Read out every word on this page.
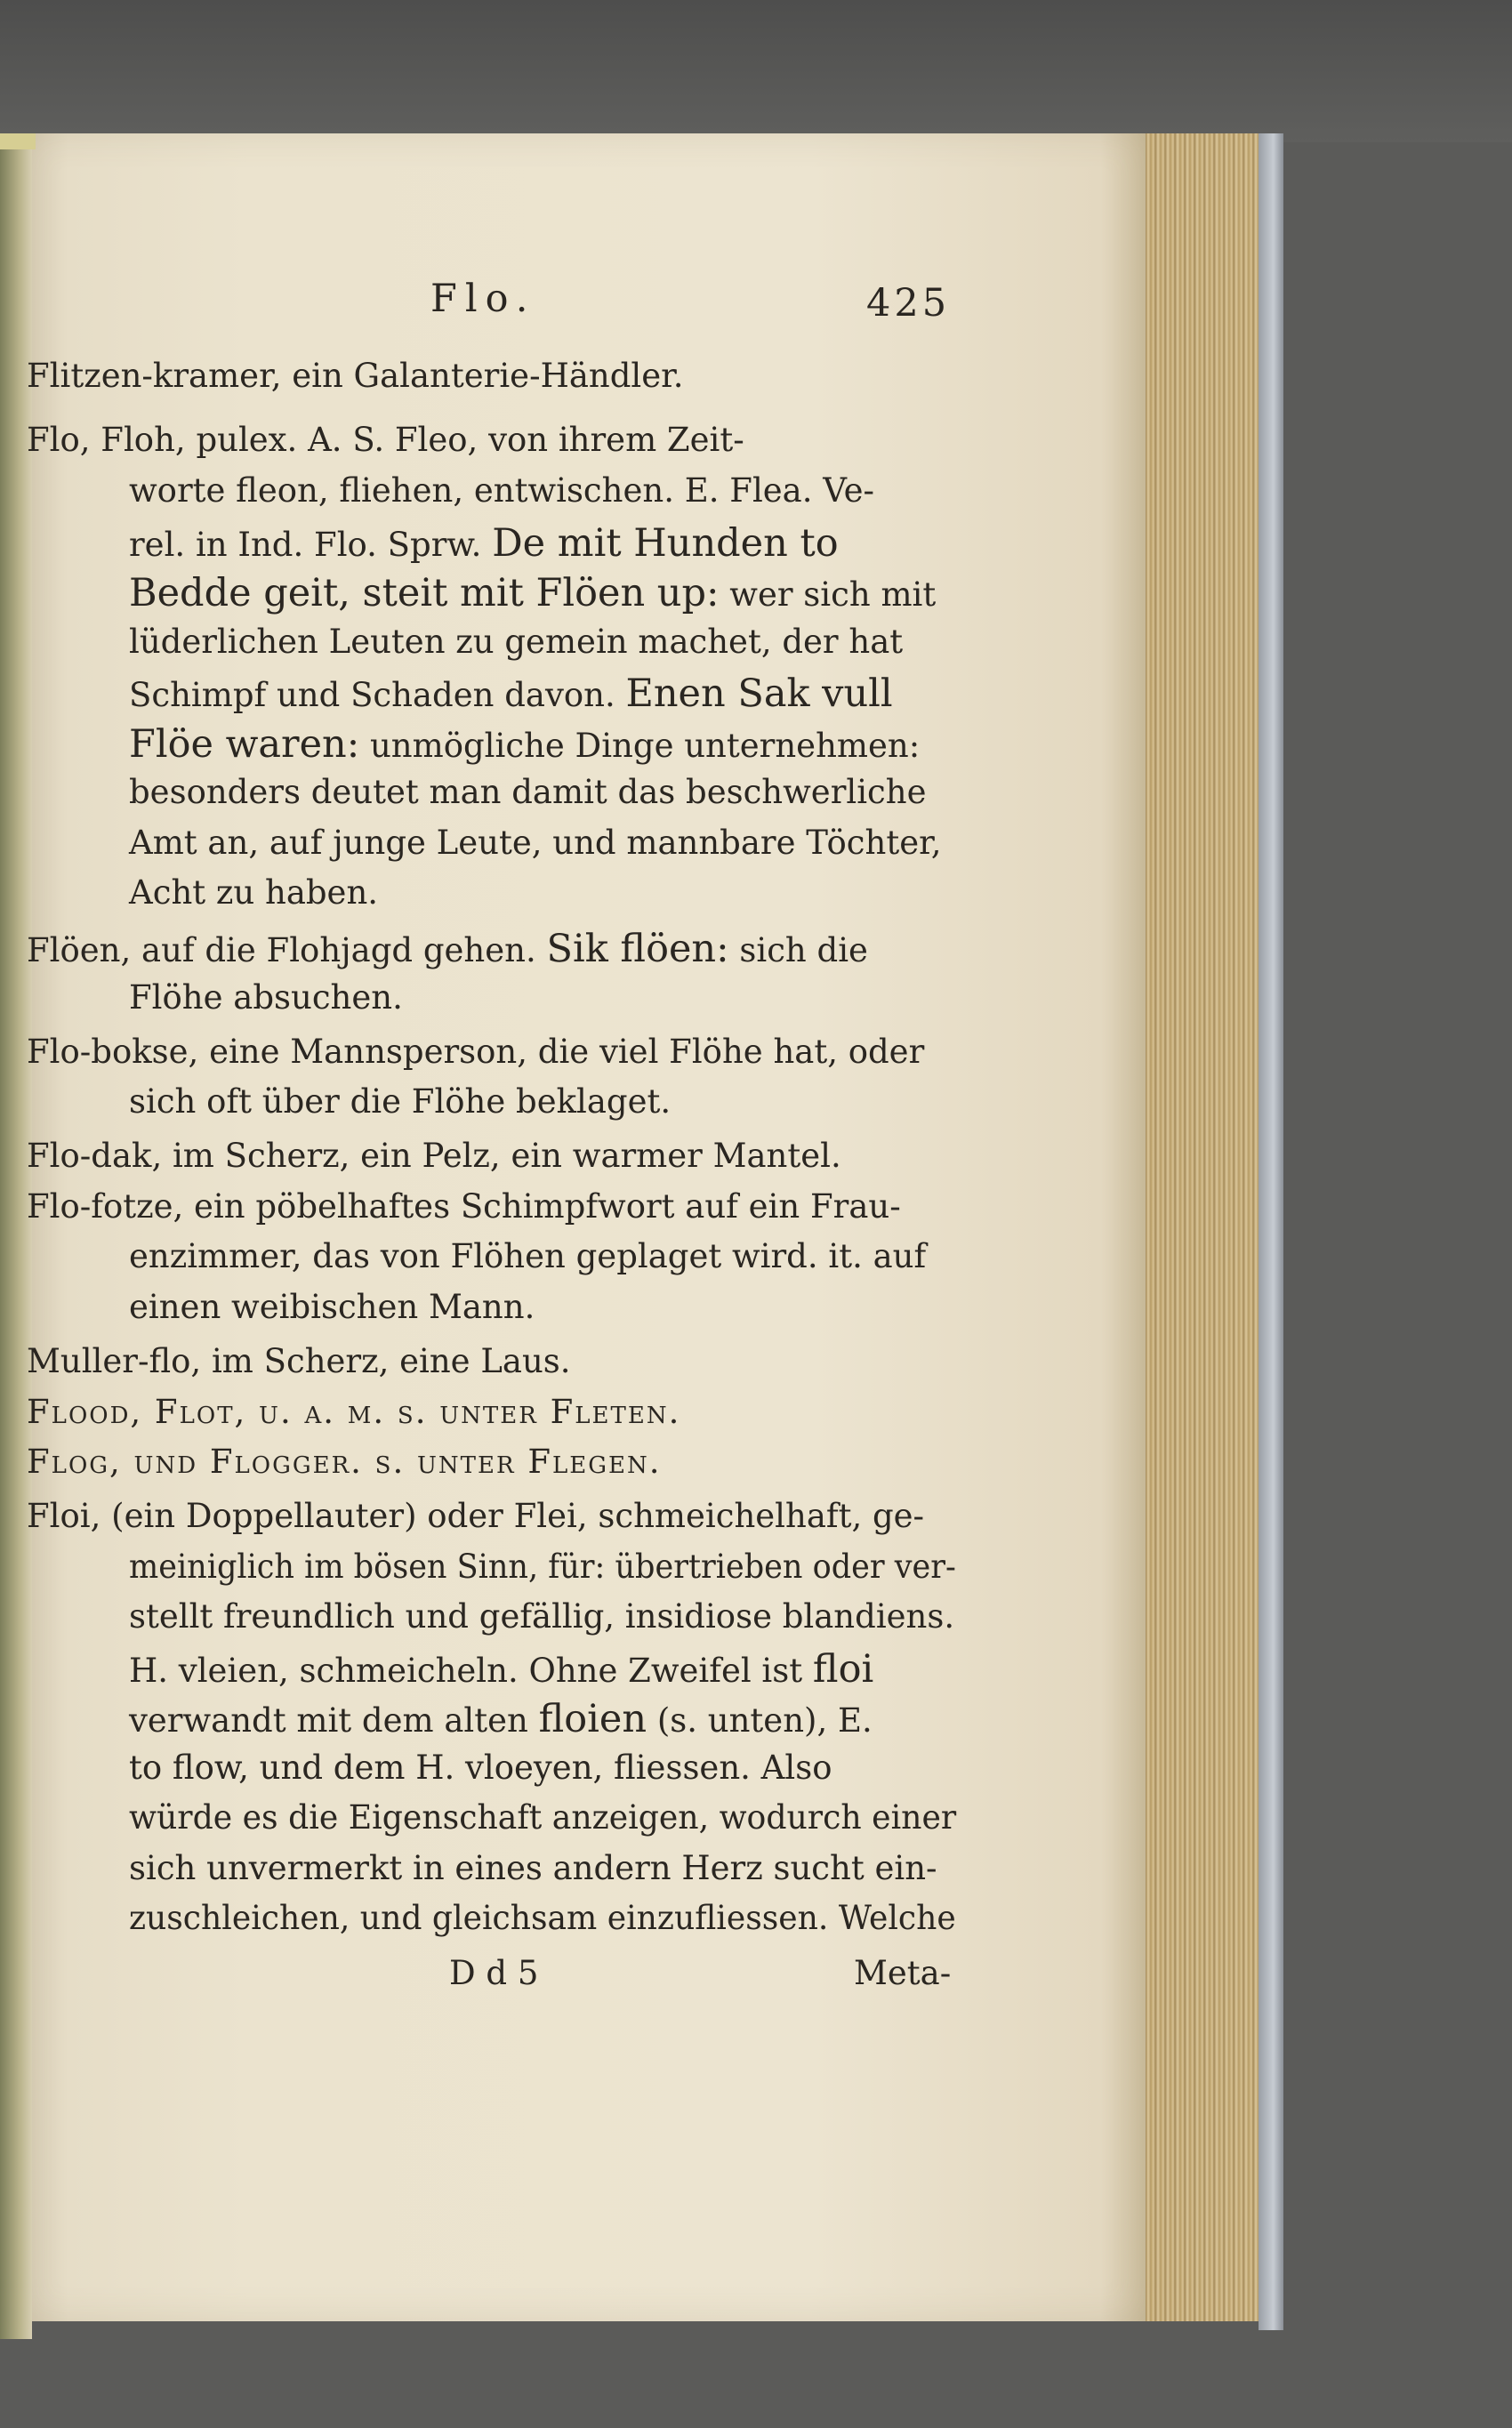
Flo.	425
Flitzen-kramer, ein Galanterie-Händler.
Flo, Floh, pulex. A. S. Fleo, von ihrem Zeit-
worte fleon, fliehen, entwischen. E. Flea. Ve-
rel. in Ind. Flo. Sprw. De mit Hunden to
Bedde geit, steit mit Flöen up: wer sich mit
lüderlichen Leuten zu gemein machet, der hat
Schimpf und Schaden davon. Enen Sak vull
Flöe waren: unmögliche Dinge unternehmen:
besonders deutet man damit das beschwerliche
Amt an, auf junge Leute, und mannbare Töchter,
Acht zu haben.
Flöen, auf die Flohjagd gehen. Sik flöen: sich die
Flöhe absuchen.
Flo-bokse, eine Mannsperson, die viel Flöhe hat, oder
sich oft über die Flöhe beklaget.
Flo-dak, im Scherz, ein Pelz, ein warmer Mantel.
Flo-fotze, ein pöbelhaftes Schimpfwort auf ein Frau-
enzimmer, das von Flöhen geplaget wird. it. auf
einen weibischen Mann.
Muller-flo, im Scherz, eine Laus.
Flood, Flot, u. a. m. s. unter Fleten.
Flog, und Flogger. s. unter Flegen.
Floi, (ein Doppellauter) oder Flei, schmeichelhaft, ge-
meiniglich im bösen Sinn, für: übertrieben oder ver-
stellt freundlich und gefällig, insidiose blandiens.
H. vleien, schmeicheln. Ohne Zweifel ist floi
verwandt mit dem alten floien (s. unten), E.
to flow, und dem H. vloeyen, fliessen. Also
würde es die Eigenschaft anzeigen, wodurch einer
sich unvermerkt in eines andern Herz sucht ein-
zuschleichen, und gleichsam einzufliessen. Welche
D d 5	Meta-
